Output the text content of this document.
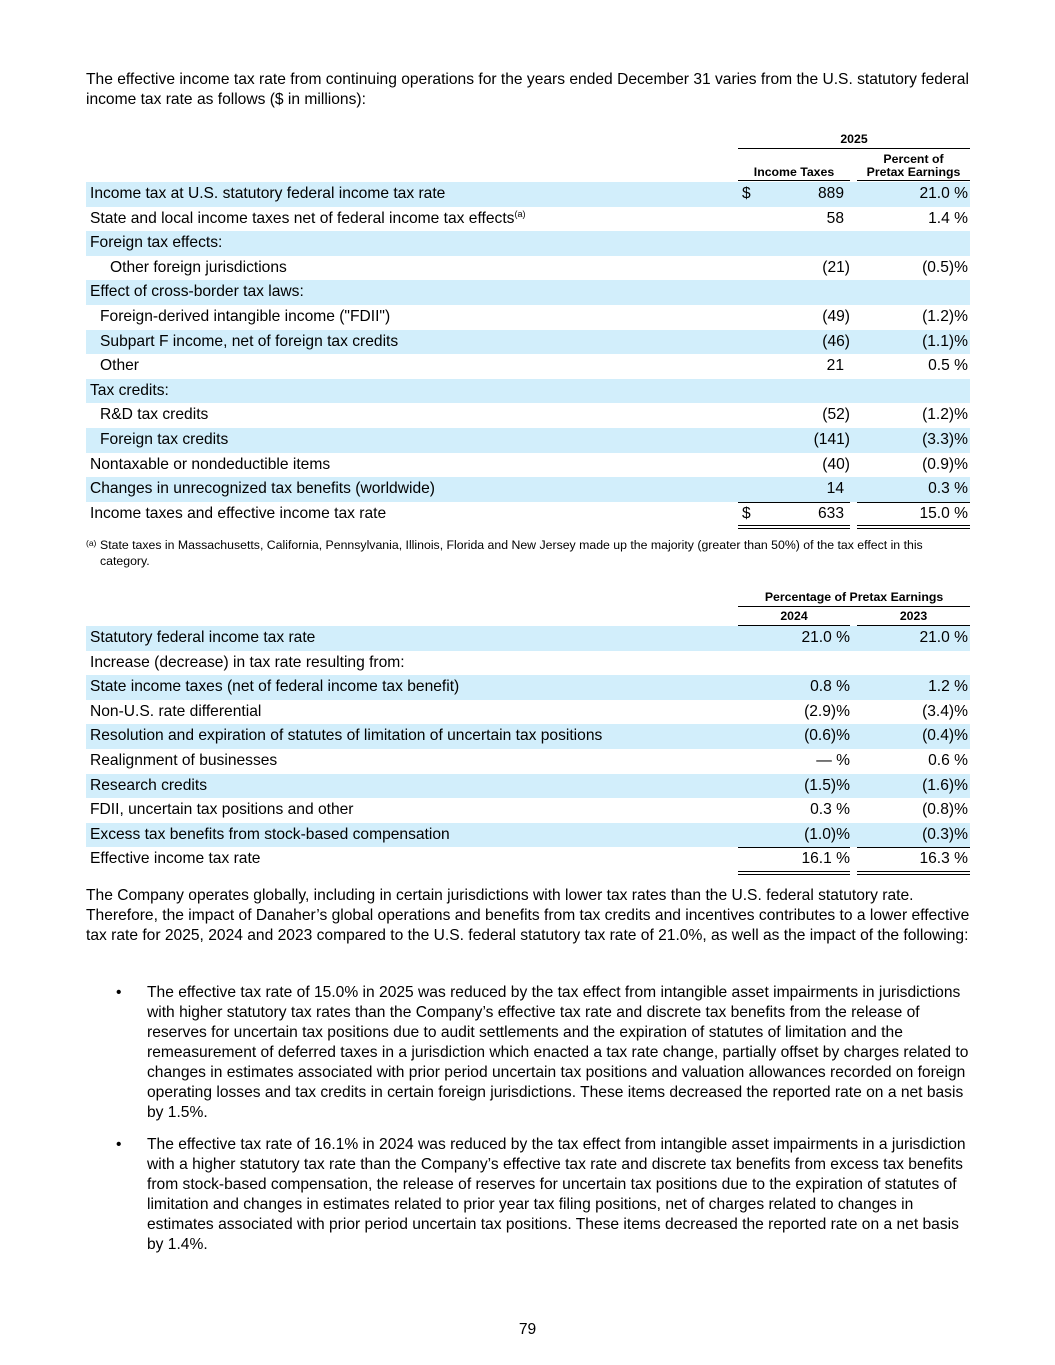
The effective income tax rate from continuing operations for the years ended December 31 varies from the U.S. statutory federal income tax rate as follows ($ in millions):
2025
Income Taxes
Percent of
Pretax Earnings
Income tax at U.S. statutory federal income tax rate	$	889	21.0 %
State and local income taxes net of federal income tax effects$^{(a)}$	58	1.4 %
Foreign tax effects:
Other foreign jurisdictions	(21)	(0.5)%
Effect of cross-border tax laws:
Foreign-derived intangible income ("FDII")	(49)	(1.2)%
Subpart F income, net of foreign tax credits	(46)	(1.1)%
Other	21	0.5 %
Tax credits:
R&D tax credits	(52)	(1.2)%
Foreign tax credits	(141)	(3.3)%
Nontaxable or nondeductible items	(40)	(0.9)%
Changes in unrecognized tax benefits (worldwide)	14	0.3 %
Income taxes and effective income tax rate	$	633	15.0 %
(a) State taxes in Massachusetts, California, Pennsylvania, Illinois, Florida and New Jersey made up the majority (greater than 50%) of the tax effect in this category.
Percentage of Pretax Earnings
2024	2023
Statutory federal income tax rate	21.0 %	21.0 %
Increase (decrease) in tax rate resulting from:
State income taxes (net of federal income tax benefit)	0.8 %	1.2 %
Non-U.S. rate differential	(2.9)%	(3.4)%
Resolution and expiration of statutes of limitation of uncertain tax positions	(0.6)%	(0.4)%
Realignment of businesses	— %	0.6 %
Research credits	(1.5)%	(1.6)%
FDII, uncertain tax positions and other	0.3 %	(0.8)%
Excess tax benefits from stock-based compensation	(1.0)%	(0.3)%
Effective income tax rate	16.1 %	16.3 %
The Company operates globally, including in certain jurisdictions with lower tax rates than the U.S. federal statutory rate. Therefore, the impact of Danaher’s global operations and benefits from tax credits and incentives contributes to a lower effective tax rate for 2025, 2024 and 2023 compared to the U.S. federal statutory tax rate of 21.0%, as well as the impact of the following:
• The effective tax rate of 15.0% in 2025 was reduced by the tax effect from intangible asset impairments in jurisdictions with higher statutory tax rates than the Company’s effective tax rate and discrete tax benefits from the release of reserves for uncertain tax positions due to audit settlements and the expiration of statutes of limitation and the remeasurement of deferred taxes in a jurisdiction which enacted a tax rate change, partially offset by charges related to changes in estimates associated with prior period uncertain tax positions and valuation allowances recorded on foreign operating losses and tax credits in certain foreign jurisdictions. These items decreased the reported rate on a net basis by 1.5%.
• The effective tax rate of 16.1% in 2024 was reduced by the tax effect from intangible asset impairments in a jurisdiction with a higher statutory tax rate than the Company’s effective tax rate and discrete tax benefits from excess tax benefits from stock-based compensation, the release of reserves for uncertain tax positions due to the expiration of statutes of limitation and changes in estimates related to prior year tax filing positions, net of charges related to changes in estimates associated with prior period uncertain tax positions. These items decreased the reported rate on a net basis by 1.4%.
79
